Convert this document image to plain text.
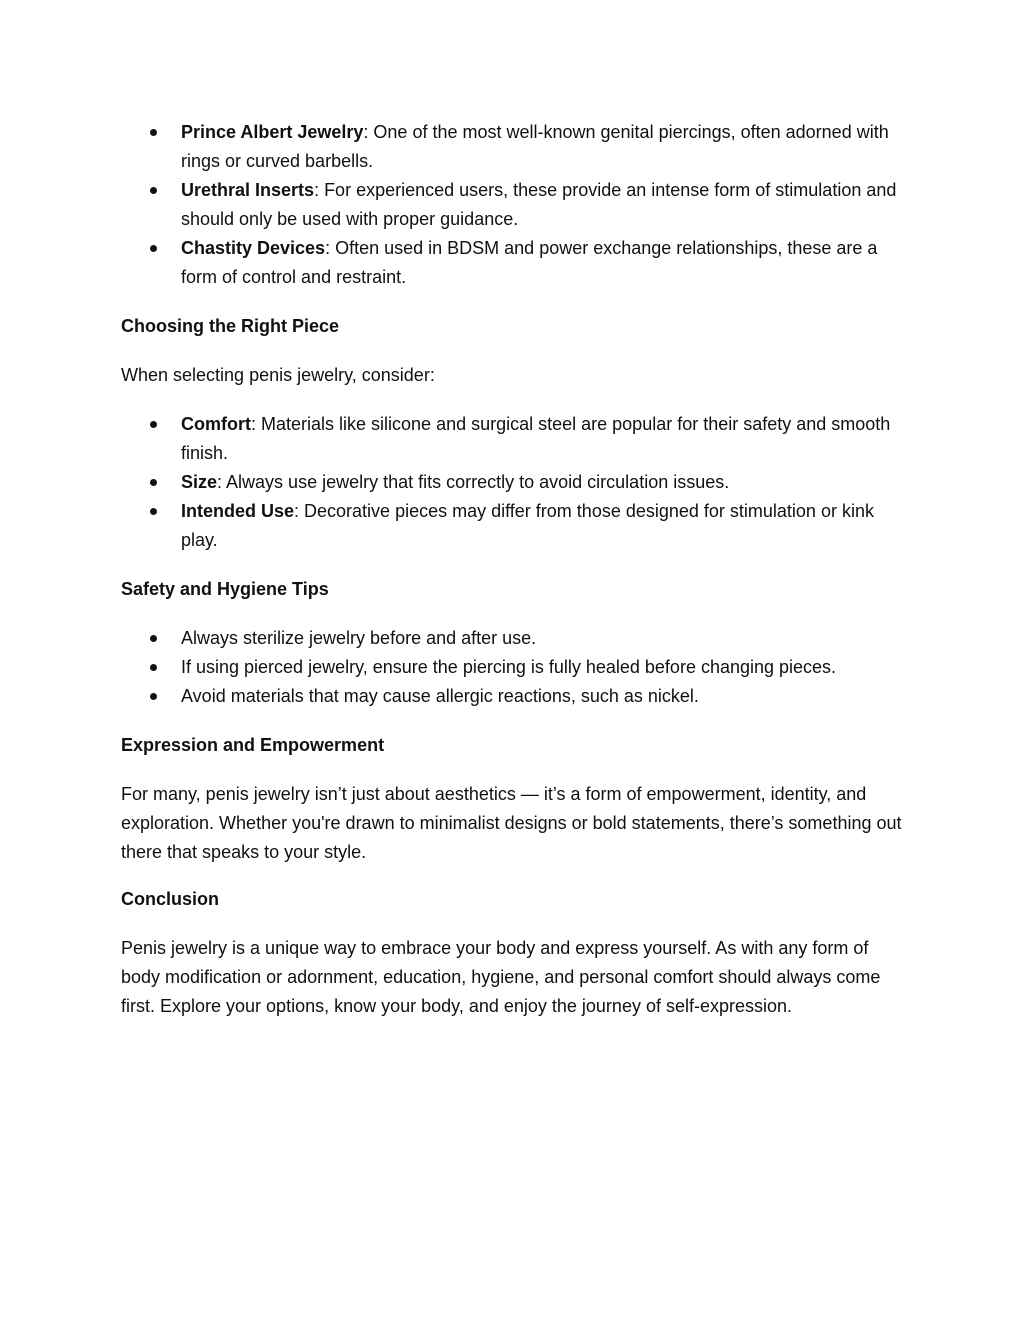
Prince Albert Jewelry: One of the most well-known genital piercings, often adorned with rings or curved barbells.
Urethral Inserts: For experienced users, these provide an intense form of stimulation and should only be used with proper guidance.
Chastity Devices: Often used in BDSM and power exchange relationships, these are a form of control and restraint.
Choosing the Right Piece

When selecting penis jewelry, consider:

Comfort: Materials like silicone and surgical steel are popular for their safety and smooth finish.
Size: Always use jewelry that fits correctly to avoid circulation issues.
Intended Use: Decorative pieces may differ from those designed for stimulation or kink play.
Safety and Hygiene Tips
Always sterilize jewelry before and after use.
If using pierced jewelry, ensure the piercing is fully healed before changing pieces.
Avoid materials that may cause allergic reactions, such as nickel.
Expression and Empowerment

For many, penis jewelry isn’t just about aesthetics — it’s a form of empowerment, identity, and exploration. Whether you're drawn to minimalist designs or bold statements, there’s something out there that speaks to your style.

Conclusion

Penis jewelry is a unique way to embrace your body and express yourself. As with any form of body modification or adornment, education, hygiene, and personal comfort should always come first. Explore your options, know your body, and enjoy the journey of self-expression.
